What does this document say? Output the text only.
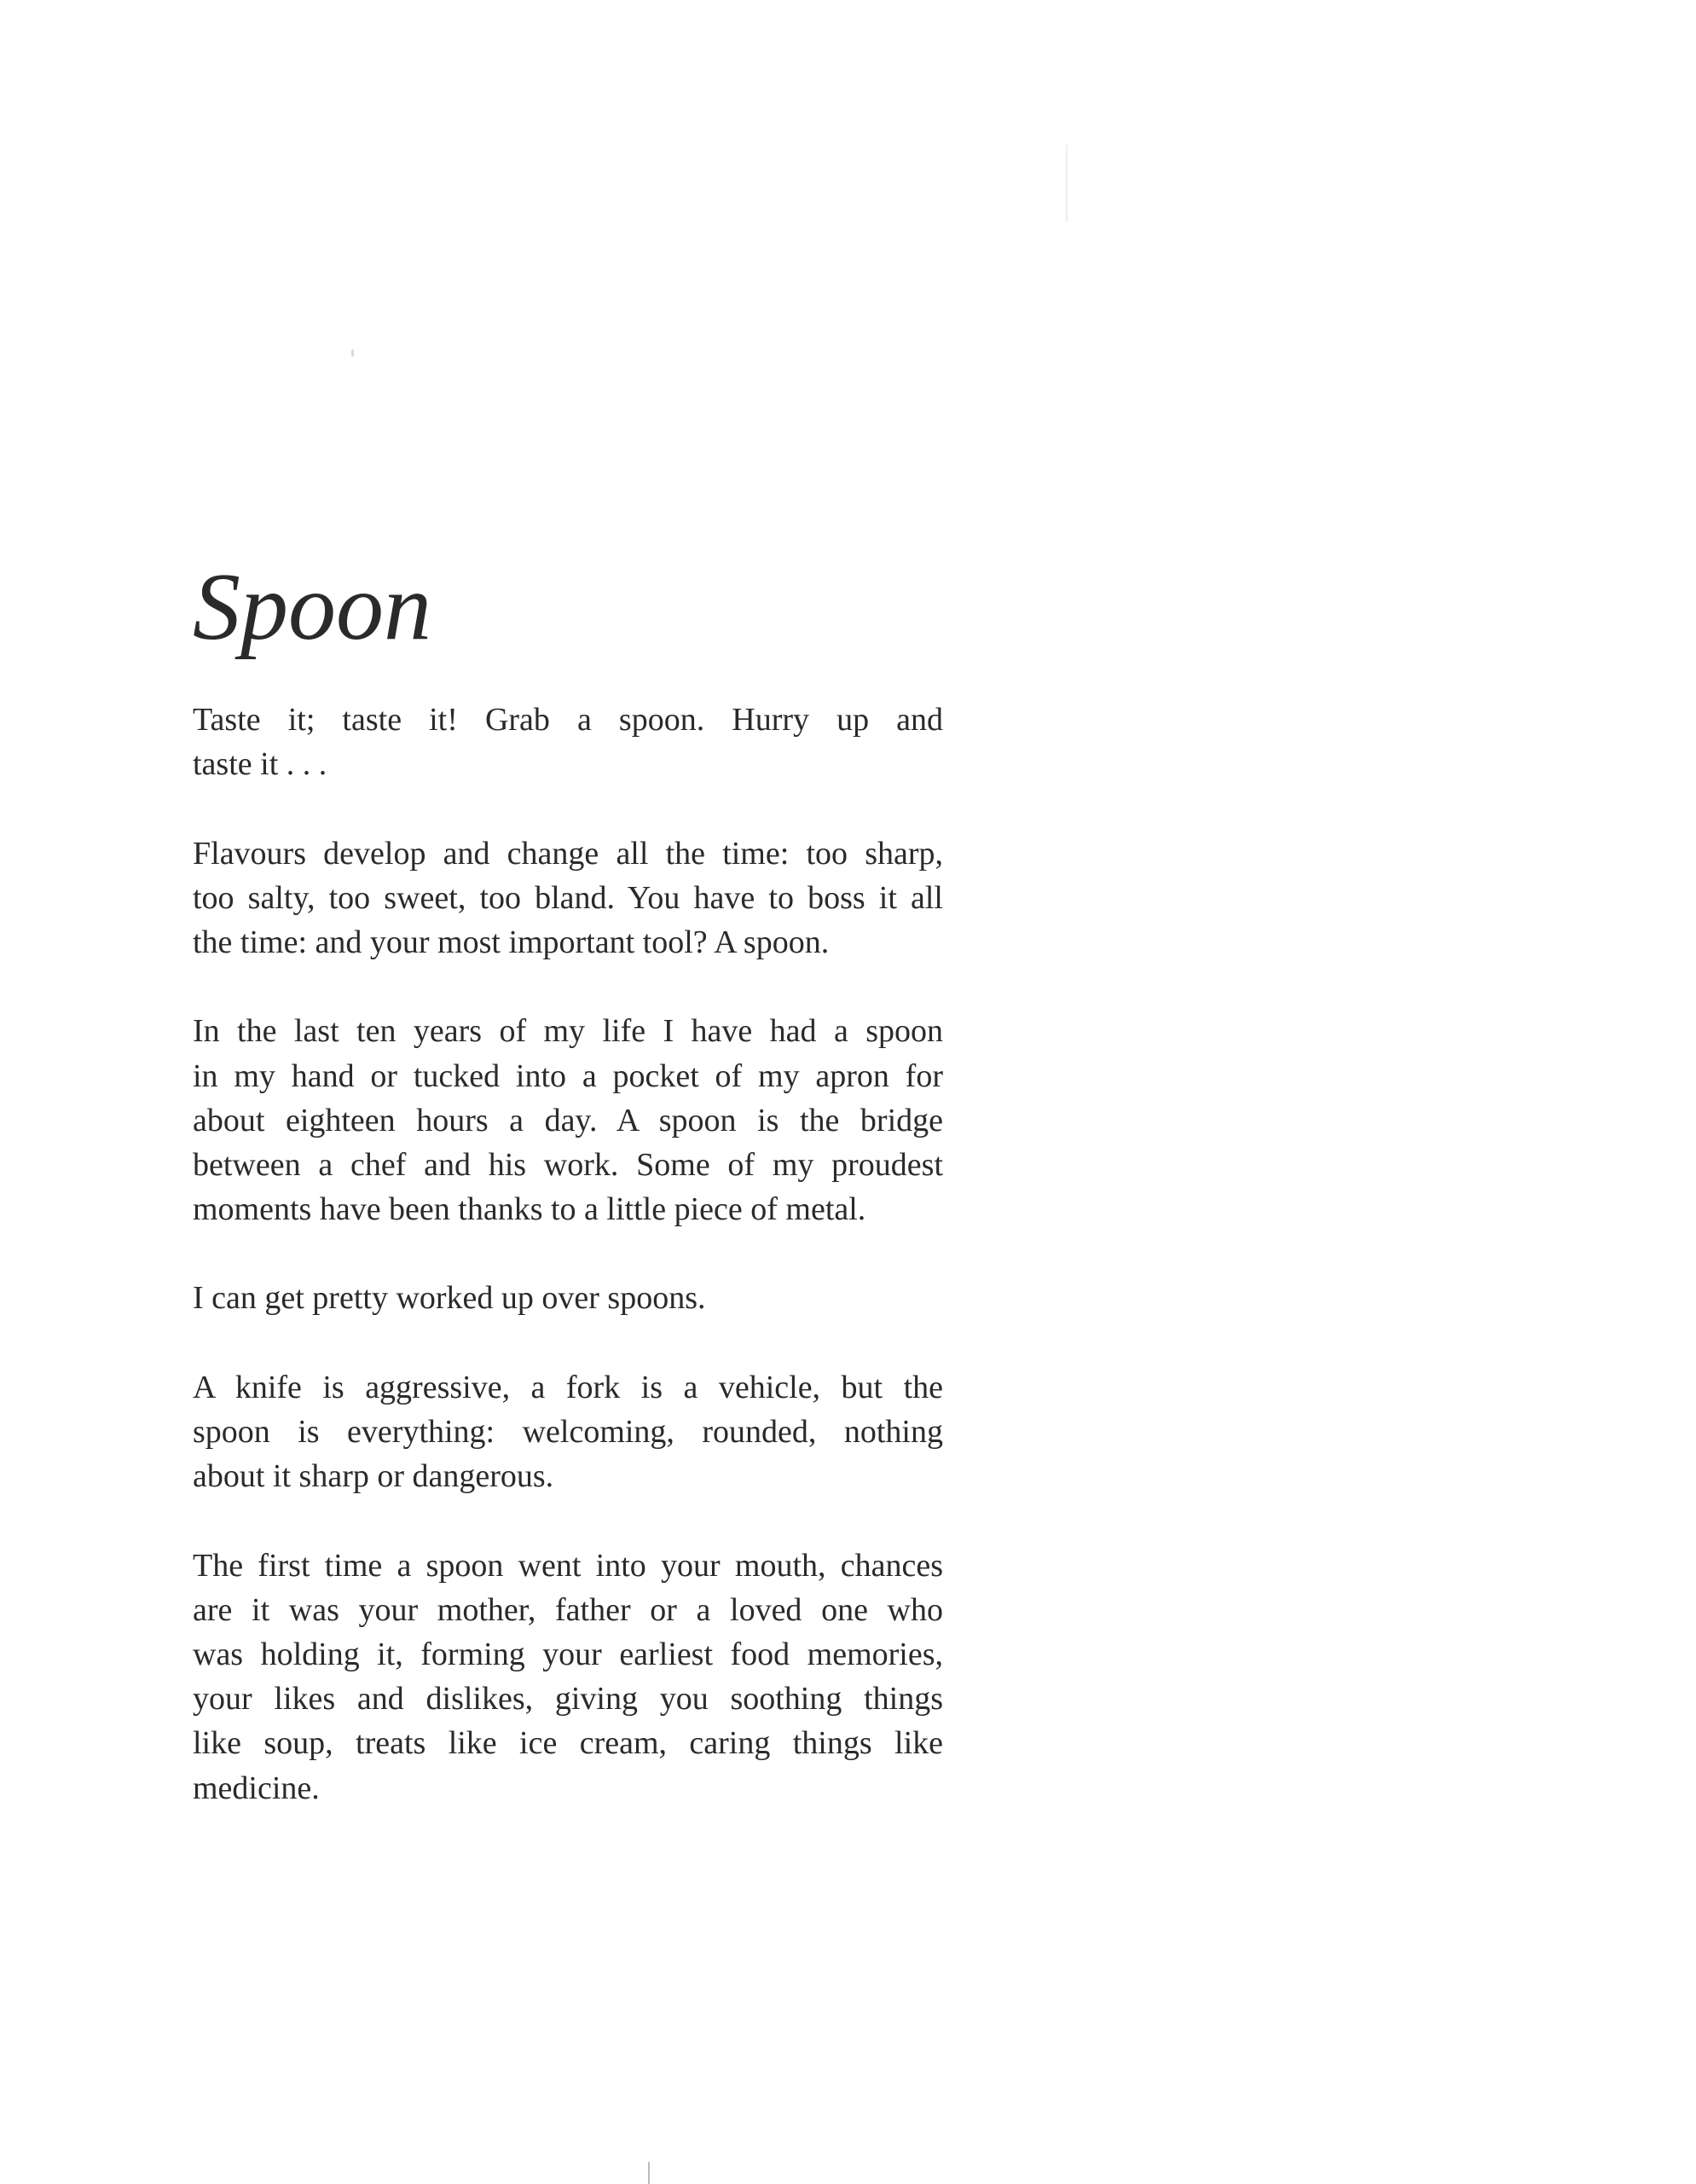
Spoon
Taste it; taste it! Grab a spoon. Hurry up and
taste it . . .
Flavours develop and change all the time: too sharp,
too salty, too sweet, too bland. You have to boss it all
the time: and your most important tool? A spoon.
In the last ten years of my life I have had a spoon
in my hand or tucked into a pocket of my apron for
about eighteen hours a day. A spoon is the bridge
between a chef and his work. Some of my proudest
moments have been thanks to a little piece of metal.
I can get pretty worked up over spoons.
A knife is aggressive, a fork is a vehicle, but the
spoon is everything: welcoming, rounded, nothing
about it sharp or dangerous.
The first time a spoon went into your mouth, chances
are it was your mother, father or a loved one who
was holding it, forming your earliest food memories,
your likes and dislikes, giving you soothing things
like soup, treats like ice cream, caring things like
medicine.
